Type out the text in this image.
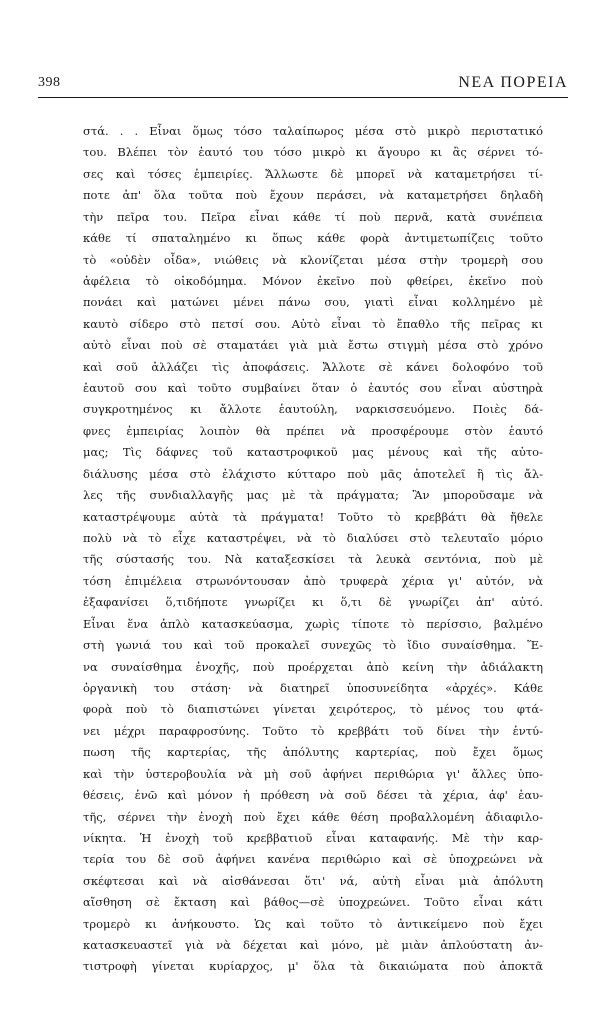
398	ΝΕΑ ΠΟΡΕΙΑ
στά. . . Εἶναι ὅμως τόσο ταλαίπωρος μέσα στὸ μικρὸ περιστατικό
του. Βλέπει τὸν ἑαυτό του τόσο μικρὸ κι ἄγουρο κι ἂς σέρνει τό-
σες καὶ τόσες ἐμπειρίες. Ἄλλωστε δὲ μπορεῖ νὰ καταμετρήσει τί-
ποτε ἀπ' ὅλα τοῦτα ποὺ ἔχουν περάσει, νὰ καταμετρήσει δηλαδὴ
τὴν πεῖρα του. Πεῖρα εἶναι κάθε τί ποὺ περνᾶ, κατὰ συνέπεια
κάθε τί σπαταλημένο κι ὅπως κάθε φορὰ ἀντιμετωπίζεις τοῦτο
τὸ «οὐδὲν οἶδα», νιώθεις νὰ κλονίζεται μέσα στὴν τρομερὴ σου
ἀφέλεια τὸ οἰκοδόμημα. Μόνον ἐκεῖνο ποὺ φθείρει, ἐκεῖνο ποὺ
πονάει καὶ ματώνει μένει πάνω σου, γιατὶ εἶναι κολλημένο μὲ
καυτὸ σίδερο στὸ πετσί σου. Αὐτὸ εἶναι τὸ ἔπαθλο τῆς πεῖρας κι
αὐτὸ εἶναι ποὺ σὲ σταματάει γιὰ μιὰ ἔστω στιγμὴ μέσα στὸ χρόνο
καὶ σοῦ ἀλλάζει τὶς ἀποφάσεις. Ἄλλοτε σὲ κάνει δολοφόνο τοῦ
ἑαυτοῦ σου καὶ τοῦτο συμβαίνει ὅταν ὁ ἑαυτός σου εἶναι αὐστηρὰ
συγκροτημένος κι ἄλλοτε ἑαυτούλη, ναρκισσευόμενο. Ποιὲς δά-
φνες ἐμπειρίας λοιπὸν θὰ πρέπει νὰ προσφέρουμε στὸν ἑαυτό
μας; Τὶς δάφνες τοῦ καταστροφικοῦ μας μένους καὶ τῆς αὐτο-
διάλυσης μέσα στὸ ἐλάχιστο κύτταρο ποὺ μᾶς ἀποτελεῖ ἢ τὶς ἄλ-
λες τῆς συνδιαλλαγῆς μας μὲ τὰ πράγματα; Ἂν μποροῦσαμε νὰ
καταστρέψουμε αὐτὰ τὰ πράγματα! Τοῦτο τὸ κρεββάτι θὰ ἤθελε
πολὺ νὰ τὸ εἶχε καταστρέψει, νὰ τὸ διαλύσει στὸ τελευταῖο μόριο
τῆς σύστασής του. Νὰ καταξεσκίσει τὰ λευκὰ σεντόνια, ποὺ μὲ
τόση ἐπιμέλεια στρωνόντουσαν ἀπὸ τρυφερὰ χέρια γι' αὐτόν, νὰ
ἐξαφανίσει ὅ,τιδήποτε γνωρίζει κι ὅ,τι δὲ γνωρίζει ἀπ' αὐτό.
Εἶναι ἕνα ἁπλὸ κατασκεύασμα, χωρὶς τίποτε τὸ περίσσιο, βαλμένο
στὴ γωνιά του καὶ τοῦ προκαλεῖ συνεχῶς τὸ ἴδιο συναίσθημα. Ἕ-
να συναίσθημα ἐνοχῆς, ποὺ προέρχεται ἀπὸ κείνη τὴν ἀδιάλακτη
ὀργανικὴ του στάση· νὰ διατηρεῖ ὑποσυνείδητα «ἀρχές». Κάθε
φορὰ ποὺ τὸ διαπιστώνει γίνεται χειρότερος, τὸ μένος του φτά-
νει μέχρι παραφροσύνης. Τοῦτο τὸ κρεββάτι τοῦ δίνει τὴν ἐντύ-
πωση τῆς καρτερίας, τῆς ἀπόλυτης καρτερίας, ποὺ ἔχει ὅμως
καὶ τὴν ὑστεροβουλία νὰ μὴ σοῦ ἀφήνει περιθώρια γι' ἄλλες ὑπο-
θέσεις, ἐνῶ καὶ μόνον ἡ πρόθεση νὰ σοῦ δέσει τὰ χέρια, ἀφ' ἑαυ-
τῆς, σέρνει τὴν ἐνοχὴ ποὺ ἔχει κάθε θέση προβαλλομένη ἀδιαφιλο-
νίκητα. Ἡ ἐνοχὴ τοῦ κρεββατιοῦ εἶναι καταφανής. Μὲ τὴν καρ-
τερία του δὲ σοῦ ἀφήνει κανένα περιθώριο καὶ σὲ ὑποχρεώνει νὰ
σκέφτεσαι καὶ νὰ αἰσθάνεσαι ὅτι' νά, αὐτὴ εἶναι μιὰ ἀπόλυτη
αἴσθηση σὲ ἔκταση καὶ βάθος—σὲ ὑποχρεώνει. Τοῦτο εἶναι κάτι
τρομερὸ κι ἀνήκουστο. Ὡς καὶ τοῦτο τὸ ἀντικείμενο ποὺ ἔχει
κατασκευαστεῖ γιὰ νὰ δέχεται καὶ μόνο, μὲ μιὰν ἁπλούστατη ἀν-
τιστροφὴ γίνεται κυρίαρχος, μ' ὅλα τὰ δικαιώματα ποὺ ἀποκτᾶ
